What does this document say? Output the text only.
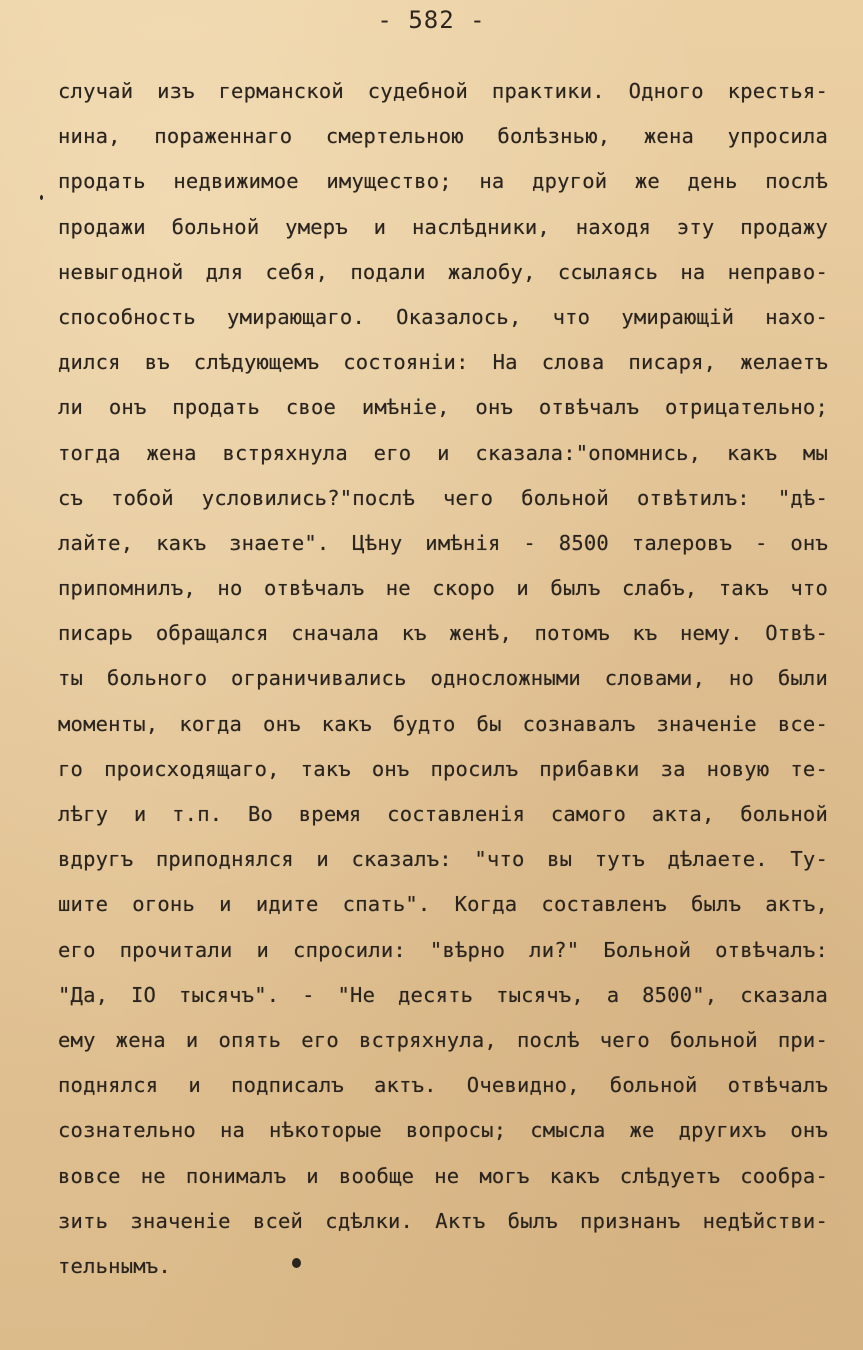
- 582 -
случай изъ германской судебной практики. Одного крестья-
нина, пораженнаго смертельною болѣзнью, жена упросила
продать недвижимое имущество; на другой же день послѣ
продажи больной умеръ и наслѣдники, находя эту продажу
невыгодной для себя, подали жалобу, ссылаясь на неправо-
способность умирающаго. Оказалось, что умирающій нахо-
дился въ слѣдующемъ состояніи: На слова писаря, желаетъ
ли онъ продать свое имѣніе, онъ отвѣчалъ отрицательно;
тогда жена встряхнула его и сказала:"опомнись, какъ мы
съ тобой условились?"послѣ чего больной отвѣтилъ: "дѣ-
лайте, какъ знаете". Цѣну имѣнія - 8500 талеровъ - онъ
припомнилъ, но отвѣчалъ не скоро и былъ слабъ, такъ что
писарь обращался сначала къ женѣ, потомъ къ нему. Отвѣ-
ты больного ограничивались односложными словами, но были
моменты, когда онъ какъ будто бы сознавалъ значеніе все-
го происходящаго, такъ онъ просилъ прибавки за новую те-
лѣгу и т.п. Во время составленія самого акта, больной
вдругъ приподнялся и сказалъ: "что вы тутъ дѣлаете. Ту-
шите огонь и идите спать". Когда составленъ былъ актъ,
его прочитали и спросили: "вѣрно ли?" Больной отвѣчалъ:
"Да, IO тысячъ". - "Не десять тысячъ, а 8500", сказала
ему жена и опять его встряхнула, послѣ чего больной при-
поднялся и подписалъ актъ. Очевидно, больной отвѣчалъ
сознательно на нѣкоторые вопросы; смысла же другихъ онъ
вовсе не понималъ и вообще не могъ какъ слѣдуетъ сообра-
зить значеніе всей сдѣлки. Актъ былъ признанъ недѣйстви-
тельнымъ.
